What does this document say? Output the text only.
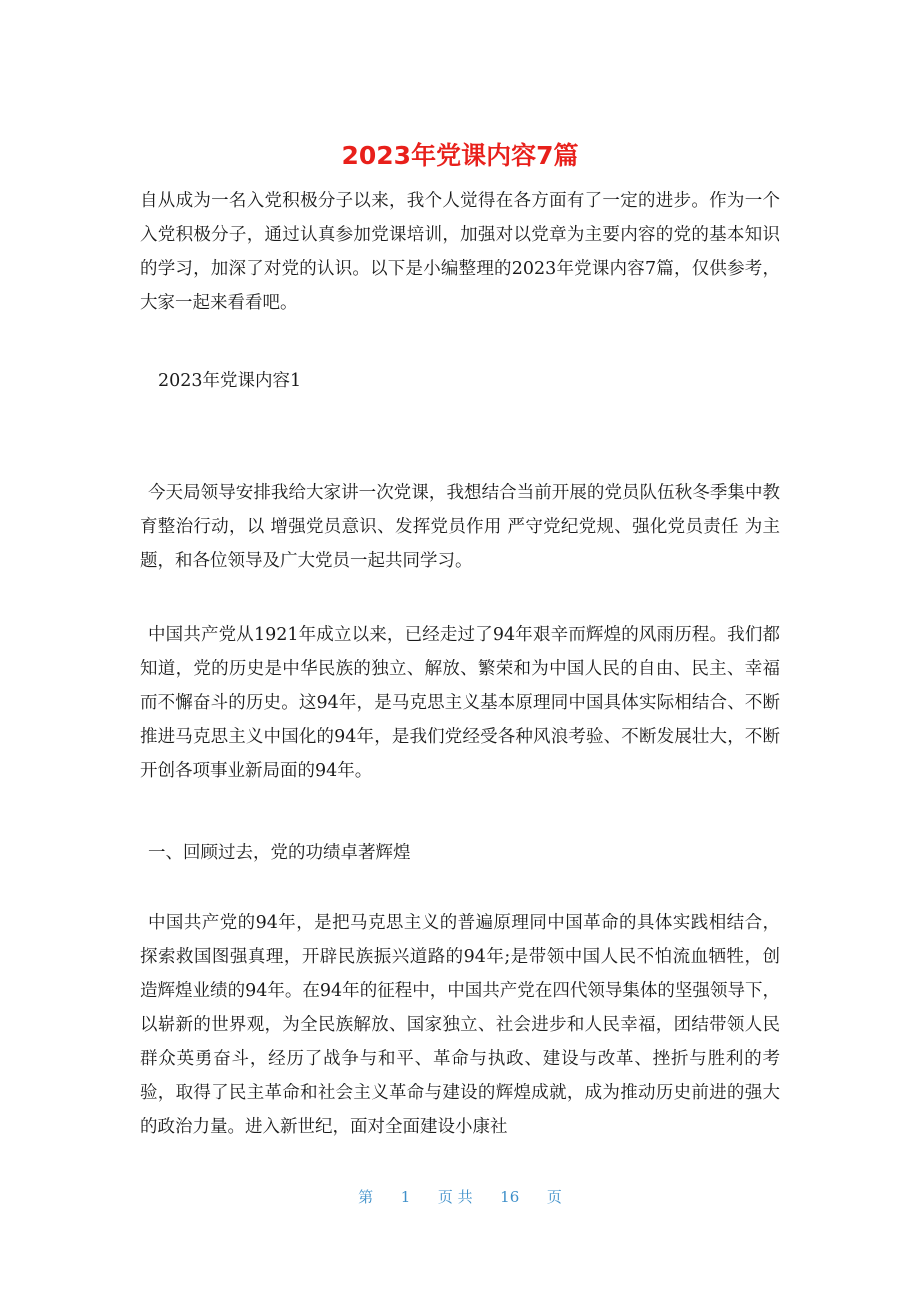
2023年党课内容7篇

自从成为一名入党积极分子以来，我个人觉得在各方面有了一定的进步。作为一个入党积极分子，通过认真参加党课培训，加强对以党章为主要内容的党的基本知识的学习，加深了对党的认识。以下是小编整理的2023年党课内容7篇，仅供参考，大家一起来看看吧。

2023年党课内容1

今天局领导安排我给大家讲一次党课，我想结合当前开展的党员队伍秋冬季集中教育整治行动，以 增强党员意识、发挥党员作用 严守党纪党规、强化党员责任 为主题，和各位领导及广大党员一起共同学习。

中国共产党从1921年成立以来，已经走过了94年艰辛而辉煌的风雨历程。我们都知道，党的历史是中华民族的独立、解放、繁荣和为中国人民的自由、民主、幸福而不懈奋斗的历史。这94年，是马克思主义基本原理同中国具体实际相结合、不断推进马克思主义中国化的94年，是我们党经受各种风浪考验、不断发展壮大，不断开创各项事业新局面的94年。

一、回顾过去，党的功绩卓著辉煌

中国共产党的94年，是把马克思主义的普遍原理同中国革命的具体实践相结合，探索救国图强真理，开辟民族振兴道路的94年;是带领中国人民不怕流血牺牲，创造辉煌业绩的94年。在94年的征程中，中国共产党在四代领导集体的坚强领导下，以崭新的世界观，为全民族解放、国家独立、社会进步和人民幸福，团结带领人民群众英勇奋斗，经历了战争与和平、革命与执政、建设与改革、挫折与胜利的考验，取得了民主革命和社会主义革命与建设的辉煌成就，成为推动历史前进的强大的政治力量。进入新世纪，面对全面建设小康社

第 1 页 共 16 页
